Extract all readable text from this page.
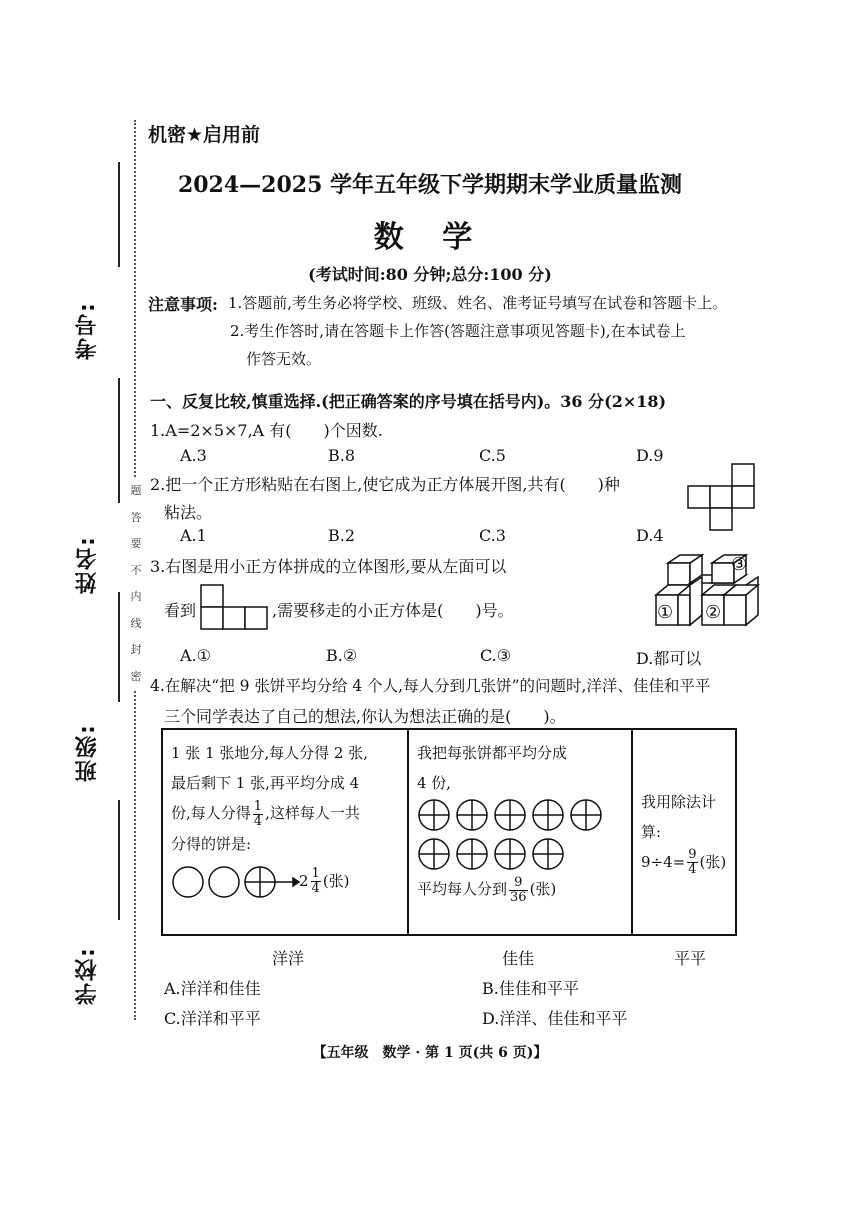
考号:
姓名:
班级:
学校:
题
答
要
不
内
线
封
密
机密★启用前
2024—2025 学年五年级下学期期末学业质量监测
数 学
(考试时间:80 分钟;总分:100 分)
注意事项: 1.答题前,考生务必将学校、班级、姓名、准考证号填写在试卷和答题卡上。
2.考生作答时,请在答题卡上作答(答题注意事项见答题卡),在本试卷上
作答无效。
一、反复比较,慎重选择.(把正确答案的序号填在括号内)。36 分(2×18)
1.A=2×5×7,A 有(　　)个因数.
A.3	B.8	C.5	D.9
2.把一个正方形粘贴在右图上,使它成为正方体展开图,共有(　　)种
粘法。
A.1	B.2	C.3	D.4
3.右图是用小正方体拼成的立体图形,要从左面可以
看到	,需要移走的小正方体是(　　)号。	① ②
③
A.①	B.②	C.③	D.都可以
4.在解决“把 9 张饼平均分给 4 个人,每人分到几张饼”的问题时,洋洋、佳佳和平平
三个同学表达了自己的想法,你认为想法正确的是(　　)。
1 张 1 张地分,每人分得 2 张,
最后剩下 1 张,再平均分成 4
份,每人分得 $\frac{1}{4}$ ,这样每人一共
分得的饼是:
$2 \frac{1}{4}$ (张)

我把每张饼都平均分成
4 份,
平均每人分到 $\frac{9}{36}$ (张)

我用除法计算:
$9\div 4= \frac{9}{4}$ (张)
洋洋	佳佳	平平
A.洋洋和佳佳	B.佳佳和平平
C.洋洋和平平	D.洋洋、佳佳和平平
【五年级　数学 · 第 1 页(共 6 页)】
